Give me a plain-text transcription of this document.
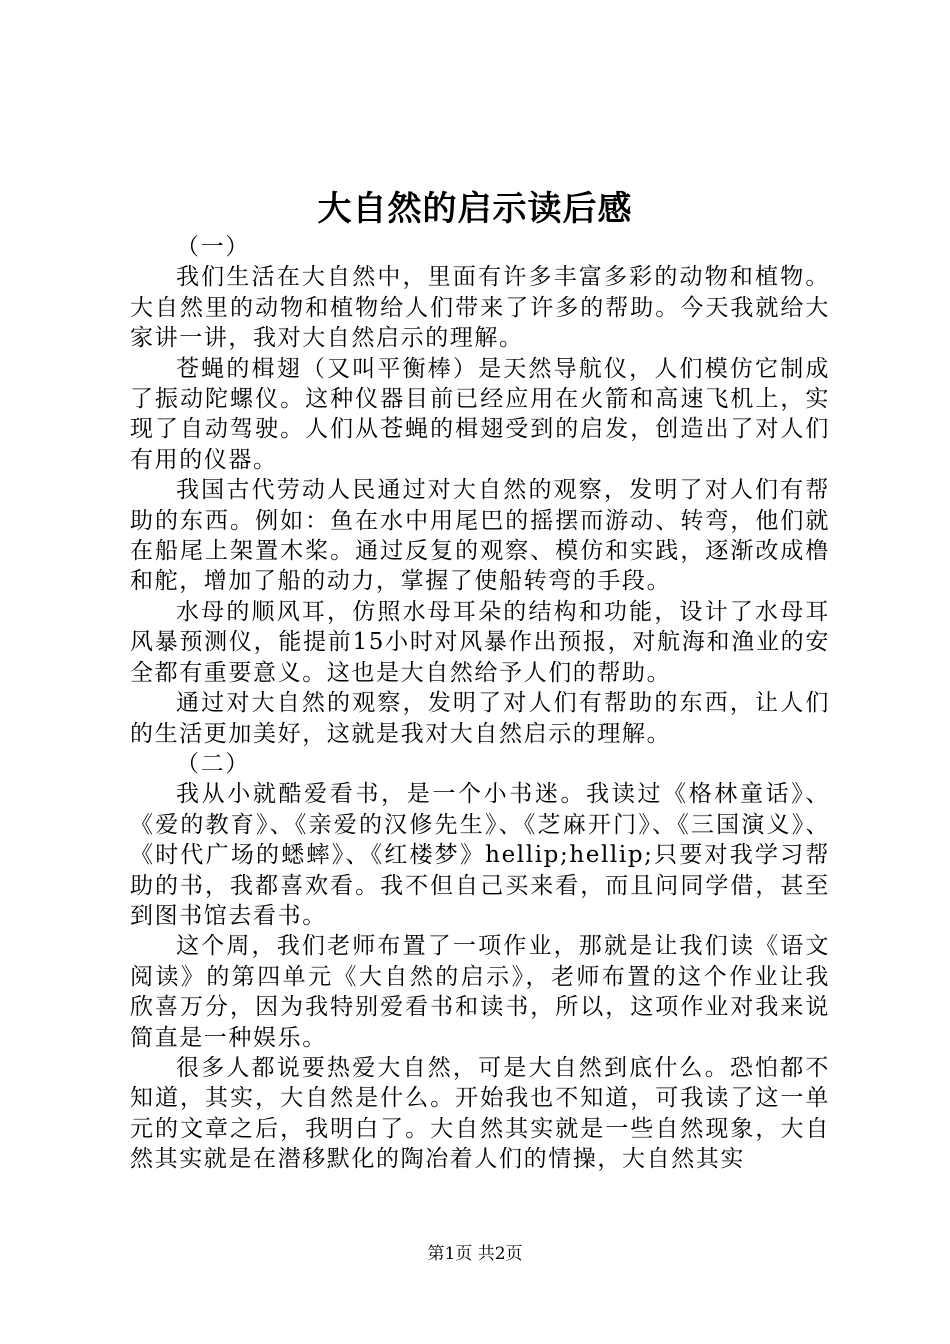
大自然的启示读后感

（一）

我们生活在大自然中，里面有许多丰富多彩的动物和植物。大自然里的动物和植物给人们带来了许多的帮助。今天我就给大家讲一讲，我对大自然启示的理解。

苍蝇的楫翅（又叫平衡棒）是天然导航仪，人们模仿它制成了振动陀螺仪。这种仪器目前已经应用在火箭和高速飞机上，实现了自动驾驶。人们从苍蝇的楫翅受到的启发，创造出了对人们有用的仪器。

我国古代劳动人民通过对大自然的观察，发明了对人们有帮助的东西。例如：鱼在水中用尾巴的摇摆而游动、转弯，他们就在船尾上架置木桨。通过反复的观察、模仿和实践，逐渐改成橹和舵，增加了船的动力，掌握了使船转弯的手段。

水母的顺风耳，仿照水母耳朵的结构和功能，设计了水母耳风暴预测仪，能提前15小时对风暴作出预报，对航海和渔业的安全都有重要意义。这也是大自然给予人们的帮助。

通过对大自然的观察，发明了对人们有帮助的东西，让人们的生活更加美好，这就是我对大自然启示的理解。

（二）

我从小就酷爱看书，是一个小书迷。我读过《格林童话》、《爱的教育》、《亲爱的汉修先生》、《芝麻开门》、《三国演义》、《时代广场的蟋蟀》、《红楼梦》hellip;hellip;只要对我学习帮助的书，我都喜欢看。我不但自己买来看，而且问同学借，甚至到图书馆去看书。

这个周，我们老师布置了一项作业，那就是让我们读《语文阅读》的第四单元《大自然的启示》，老师布置的这个作业让我欣喜万分，因为我特别爱看书和读书，所以，这项作业对我来说简直是一种娱乐。

很多人都说要热爱大自然，可是大自然到底什么。恐怕都不知道，其实，大自然是什么。开始我也不知道，可我读了这一单元的文章之后，我明白了。大自然其实就是一些自然现象，大自然其实就是在潜移默化的陶冶着人们的情操，大自然其实

第1页 共2页
